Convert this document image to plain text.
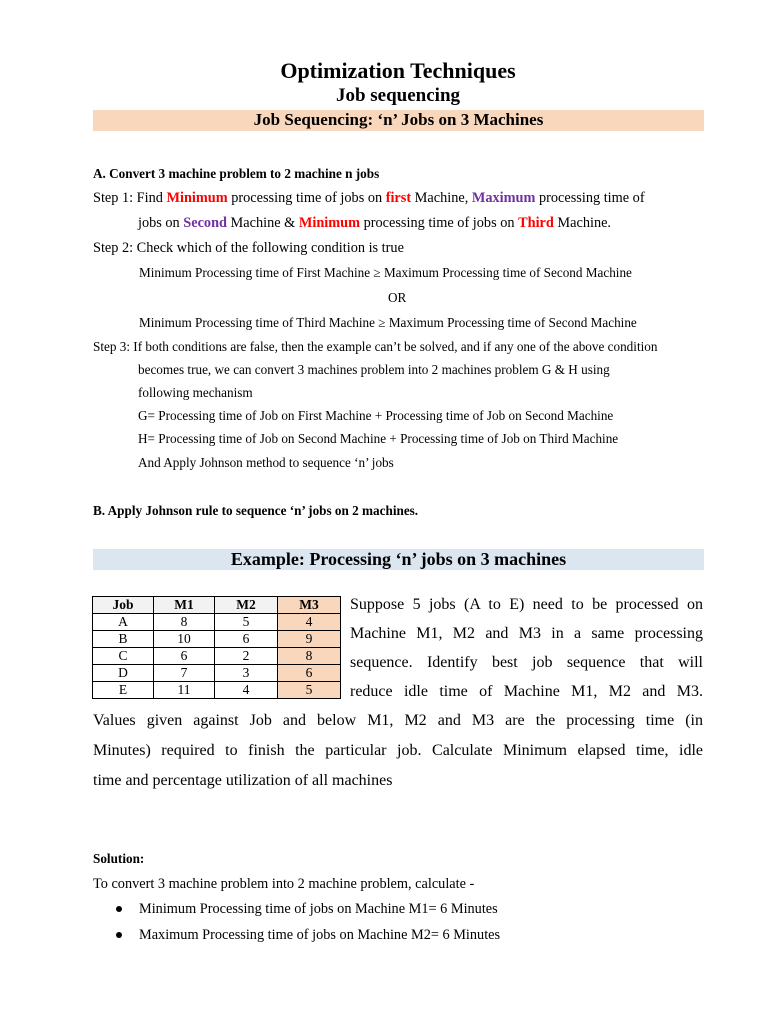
Optimization Techniques
Job sequencing
Job Sequencing: ‘n’ Jobs on 3 Machines
A. Convert 3 machine problem to 2 machine n jobs
Step 1: Find Minimum processing time of jobs on first Machine, Maximum processing time of
jobs on Second Machine & Minimum processing time of jobs on Third Machine.
Step 2: Check which of the following condition is true
Minimum Processing time of First Machine ≥ Maximum Processing time of Second Machine
OR
Minimum Processing time of Third Machine ≥ Maximum Processing time of Second Machine
Step 3: If both conditions are false, then the example can’t be solved, and if any one of the above condition
becomes true, we can convert 3 machines problem into 2 machines problem G & H using
following mechanism
G= Processing time of Job on First Machine + Processing time of Job on Second Machine
H= Processing time of Job on Second Machine + Processing time of Job on Third Machine
And Apply Johnson method to sequence ‘n’ jobs
B. Apply Johnson rule to sequence ‘n’ jobs on 2 machines.
Example: Processing ‘n’ jobs on 3 machines
Job	M1	M2	M3
A	8	5	4
B	10	6	9
C	6	2	8
D	7	3	6
E	11	4	5
Suppose 5 jobs (A to E) need to be processed on
Machine M1, M2 and M3 in a same processing
sequence. Identify best job sequence that will
reduce idle time of Machine M1, M2 and M3.
Values given against Job and below M1, M2 and M3 are the processing time (in
Minutes) required to finish the particular job. Calculate Minimum elapsed time, idle
time and percentage utilization of all machines
Solution:
To convert 3 machine problem into 2 machine problem, calculate -
Minimum Processing time of jobs on Machine M1= 6 Minutes
Maximum Processing time of jobs on Machine M2= 6 Minutes
